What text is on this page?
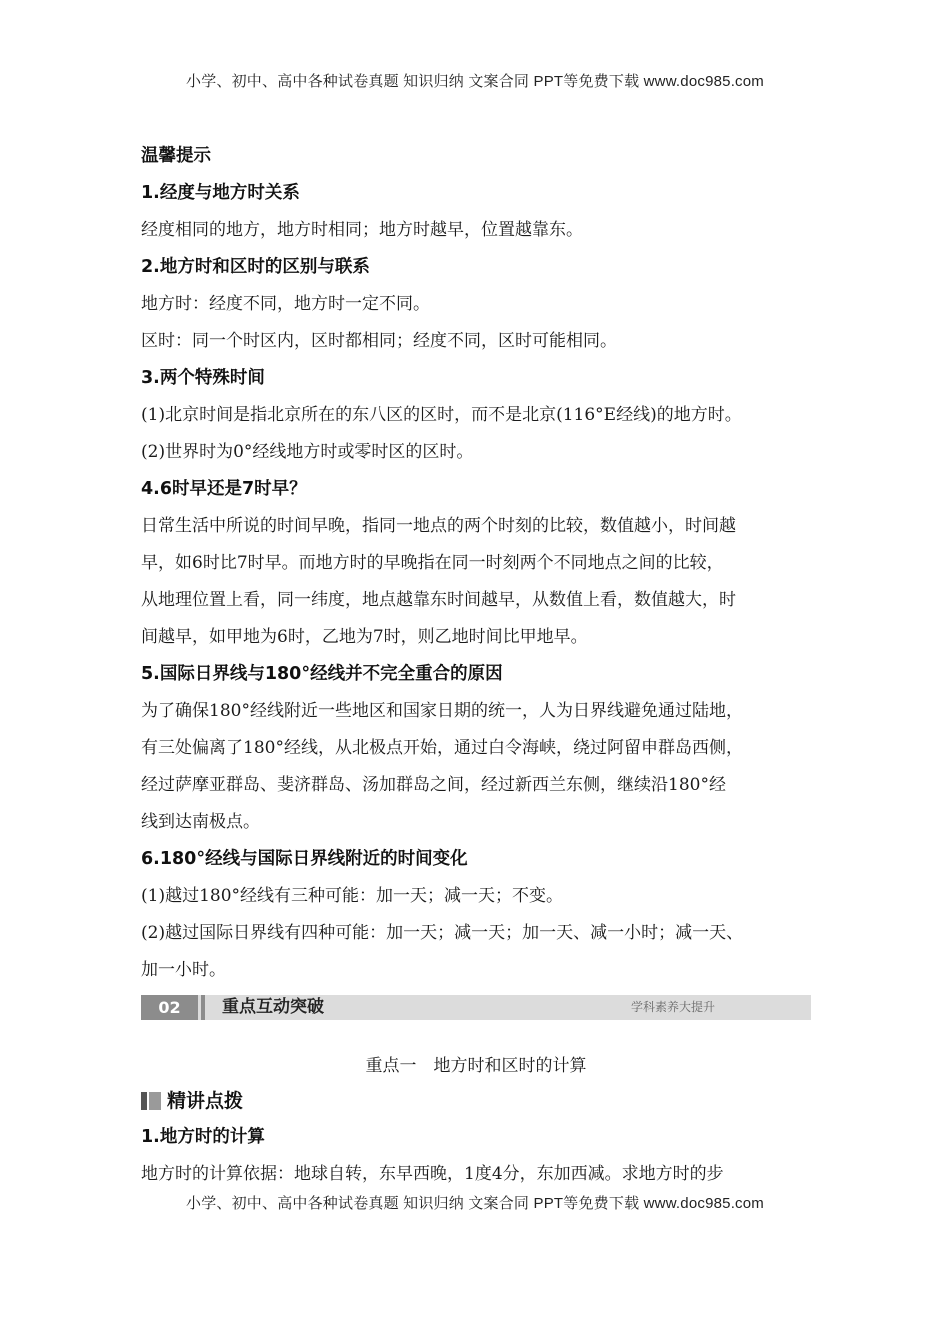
小学、初中、高中各种试卷真题 知识归纳 文案合同 PPT等免费下载 www.doc985.com

温馨提示

1.经度与地方时关系

经度相同的地方，地方时相同；地方时越早，位置越靠东。

2.地方时和区时的区别与联系

地方时：经度不同，地方时一定不同。

区时：同一个时区内，区时都相同；经度不同，区时可能相同。

3.两个特殊时间

(1)北京时间是指北京所在的东八区的区时，而不是北京(116°E经线)的地方时。

(2)世界时为0°经线地方时或零时区的区时。

4.6时早还是7时早？

日常生活中所说的时间早晚，指同一地点的两个时刻的比较，数值越小，时间越

早，如6时比7时早。而地方时的早晚指在同一时刻两个不同地点之间的比较，

从地理位置上看，同一纬度，地点越靠东时间越早，从数值上看，数值越大，时

间越早，如甲地为6时，乙地为7时，则乙地时间比甲地早。

5.国际日界线与180°经线并不完全重合的原因

为了确保180°经线附近一些地区和国家日期的统一，人为日界线避免通过陆地，

有三处偏离了180°经线，从北极点开始，通过白令海峡，绕过阿留申群岛西侧，

经过萨摩亚群岛、斐济群岛、汤加群岛之间，经过新西兰东侧，继续沿180°经

线到达南极点。

6.180°经线与国际日界线附近的时间变化

(1)越过180°经线有三种可能：加一天；减一天；不变。

(2)越过国际日界线有四种可能：加一天；减一天；加一天、减一小时；减一天、

加一小时。

02	重点互动突破	学科素养大提升

重点一　地方时和区时的计算

精讲点拨

1.地方时的计算

地方时的计算依据：地球自转，东早西晚，1度4分，东加西减。求地方时的步

小学、初中、高中各种试卷真题 知识归纳 文案合同 PPT等免费下载 www.doc985.com
